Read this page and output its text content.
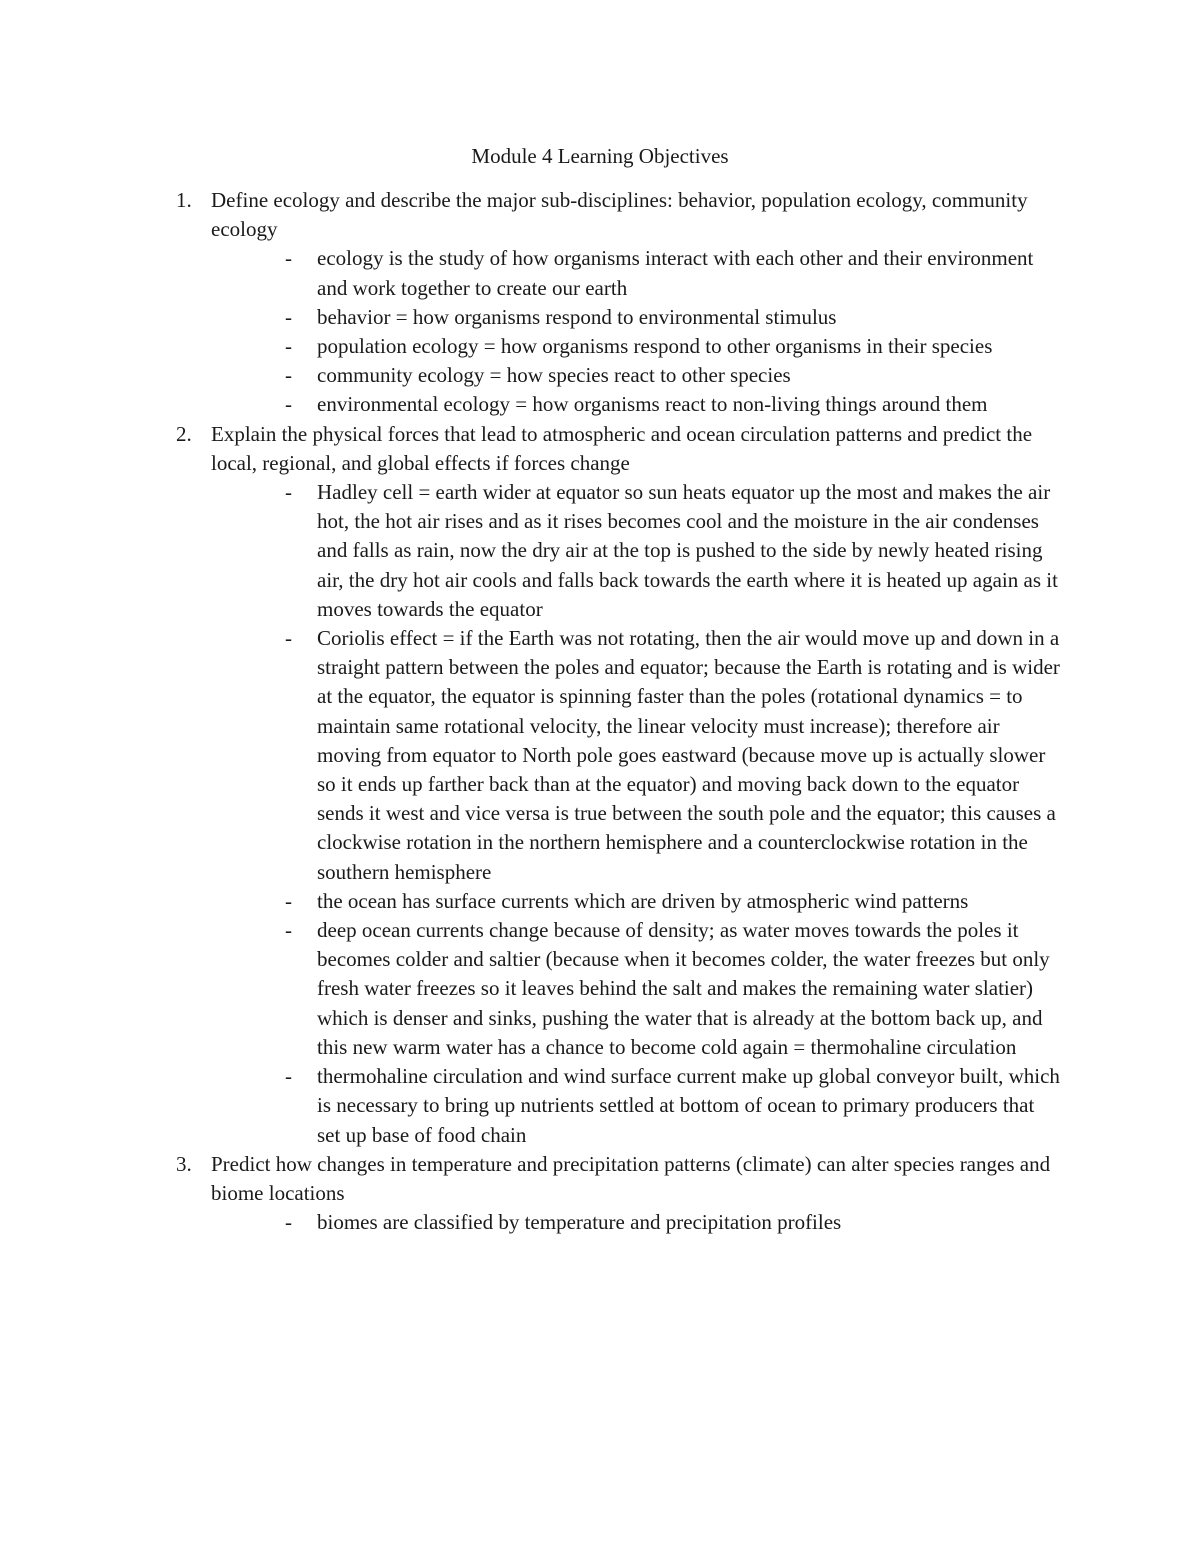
Module 4 Learning Objectives
1. Define ecology and describe the major sub-disciplines: behavior, population ecology, community ecology
- ecology is the study of how organisms interact with each other and their environment and work together to create our earth
- behavior = how organisms respond to environmental stimulus
- population ecology = how organisms respond to other organisms in their species
- community ecology = how species react to other species
- environmental ecology = how organisms react to non-living things around them
2. Explain the physical forces that lead to atmospheric and ocean circulation patterns and predict the local, regional, and global effects if forces change
- Hadley cell = earth wider at equator so sun heats equator up the most and makes the air hot, the hot air rises and as it rises becomes cool and the moisture in the air condenses and falls as rain, now the dry air at the top is pushed to the side by newly heated rising air, the dry hot air cools and falls back towards the earth where it is heated up again as it moves towards the equator
- Coriolis effect = if the Earth was not rotating, then the air would move up and down in a straight pattern between the poles and equator; because the Earth is rotating and is wider at the equator, the equator is spinning faster than the poles (rotational dynamics = to maintain same rotational velocity, the linear velocity must increase); therefore air moving from equator to North pole goes eastward (because move up is actually slower so it ends up farther back than at the equator) and moving back down to the equator sends it west and vice versa is true between the south pole and the equator; this causes a clockwise rotation in the northern hemisphere and a counterclockwise rotation in the southern hemisphere
- the ocean has surface currents which are driven by atmospheric wind patterns
- deep ocean currents change because of density; as water moves towards the poles it becomes colder and saltier (because when it becomes colder, the water freezes but only fresh water freezes so it leaves behind the salt and makes the remaining water slatier) which is denser and sinks, pushing the water that is already at the bottom back up, and this new warm water has a chance to become cold again = thermohaline circulation
- thermohaline circulation and wind surface current make up global conveyor built, which is necessary to bring up nutrients settled at bottom of ocean to primary producers that set up base of food chain
3. Predict how changes in temperature and precipitation patterns (climate) can alter species ranges and biome locations
- biomes are classified by temperature and precipitation profiles
